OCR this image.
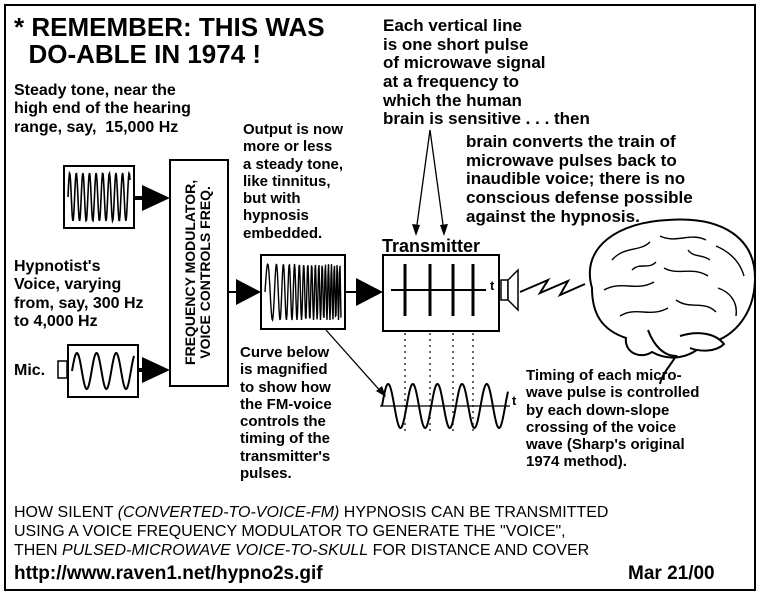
* REMEMBER: THIS WAS
DO-ABLE IN 1974 !

Steady tone, near the
high end of the hearing
range, say,  15,000 Hz

Hypnotist's
Voice, varying
from, say, 300 Hz
to 4,000 Hz

Mic.

FREQUENCY MODULATOR,
VOICE CONTROLS FREQ.

Output is now
more or less
a steady tone,
like tinnitus,
but with
hypnosis
embedded.

Each vertical line
is one short pulse
of microwave signal
at a frequency to
which the human
brain is sensitive . . . then

brain converts the train of
microwave pulses back to
inaudible voice; there is no
conscious defense possible
against the hypnosis.

Transmitter

t

t

Curve below
is magnified
to show how
the FM-voice
controls the
timing of the
transmitter's
pulses.

Timing of each micro-
wave pulse is controlled
by each down-slope
crossing of the voice
wave (Sharp's original
1974 method).

HOW SILENT (CONVERTED-TO-VOICE-FM) HYPNOSIS CAN BE TRANSMITTED
USING A VOICE FREQUENCY MODULATOR TO GENERATE THE "VOICE",
THEN PULSED-MICROWAVE VOICE-TO-SKULL FOR DISTANCE AND COVER

http://www.raven1.net/hypno2s.gif	Mar 21/00
